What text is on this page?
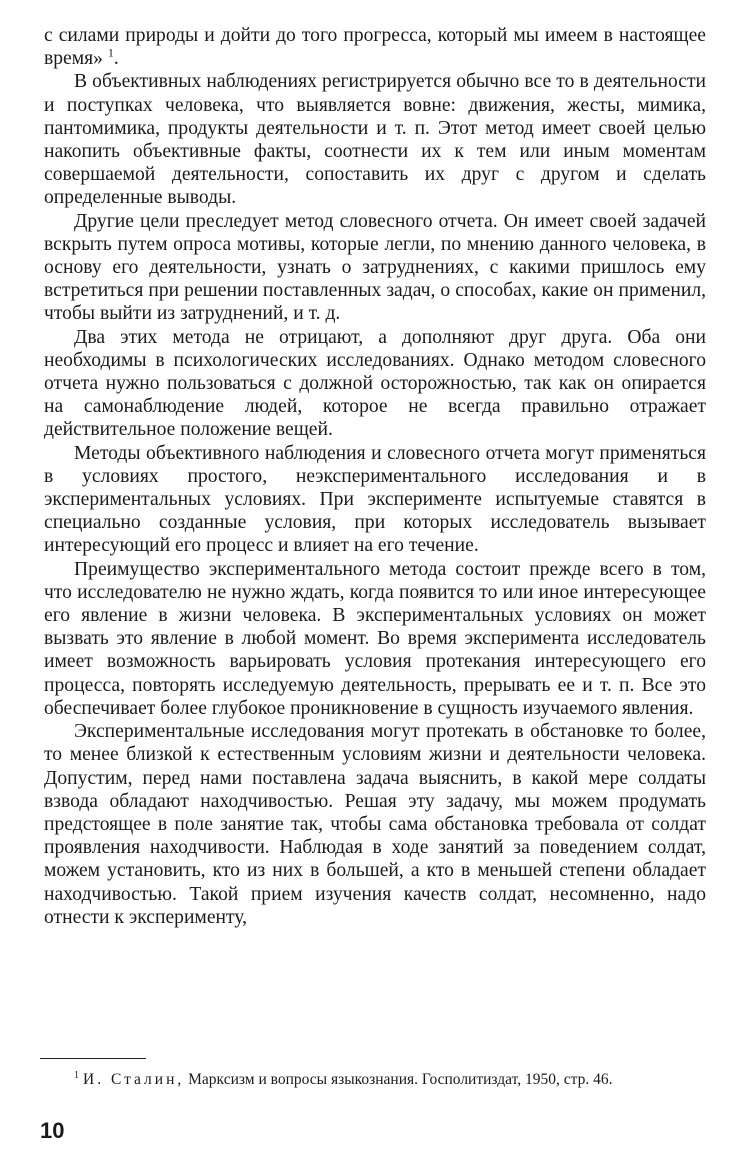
с силами природы и дойти до того прогресса, который мы имеем в настоящее время» $^1$.

В объективных наблюдениях регистрируется обычно все то в деятельности и поступках человека, что выявляется вовне: движения, жесты, мимика, пантомимика, продукты деятельности и т. п. Этот метод имеет своей целью накопить объективные факты, соотнести их к тем или иным моментам совершаемой деятельности, сопоставить их друг с другом и сделать определенные выводы.

Другие цели преследует метод словесного отчета. Он имеет своей задачей вскрыть путем опроса мотивы, которые легли, по мнению данного человека, в основу его деятельности, узнать о затруднениях, с какими пришлось ему встретиться при решении поставленных задач, о способах, какие он применил, чтобы выйти из затруднений, и т. д.

Два этих метода не отрицают, а дополняют друг друга. Оба они необходимы в психологических исследованиях. Однако методом словесного отчета нужно пользоваться с должной осторожностью, так как он опирается на самонаблюдение людей, которое не всегда правильно отражает действительное положение вещей.

Методы объективного наблюдения и словесного отчета могут применяться в условиях простого, неэкспериментального исследования и в экспериментальных условиях. При эксперименте испытуемые ставятся в специально созданные условия, при которых исследователь вызывает интересующий его процесс и влияет на его течение.

Преимущество экспериментального метода состоит прежде всего в том, что исследователю не нужно ждать, когда появится то или иное интересующее его явление в жизни человека. В экспериментальных условиях он может вызвать это явление в любой момент. Во время эксперимента исследователь имеет возможность варьировать условия протекания интересующего его процесса, повторять исследуемую деятельность, прерывать ее и т. п. Все это обеспечивает более глубокое проникновение в сущность изучаемого явления.

Экспериментальные исследования могут протекать в обстановке то более, то менее близкой к естественным условиям жизни и деятельности человека. Допустим, перед нами поставлена задача выяснить, в какой мере солдаты взвода обладают находчивостью. Решая эту задачу, мы можем продумать предстоящее в поле занятие так, чтобы сама обстановка требовала от солдат проявления находчивости. Наблюдая в ходе занятий за поведением солдат, можем установить, кто из них в большей, а кто в меньшей степени обладает находчивостью. Такой прием изучения качеств солдат, несомненно, надо отнести к эксперименту,

$^1$ И. Сталин, Марксизм и вопросы языкознания. Госполитиздат, 1950, стр. 46.
10
